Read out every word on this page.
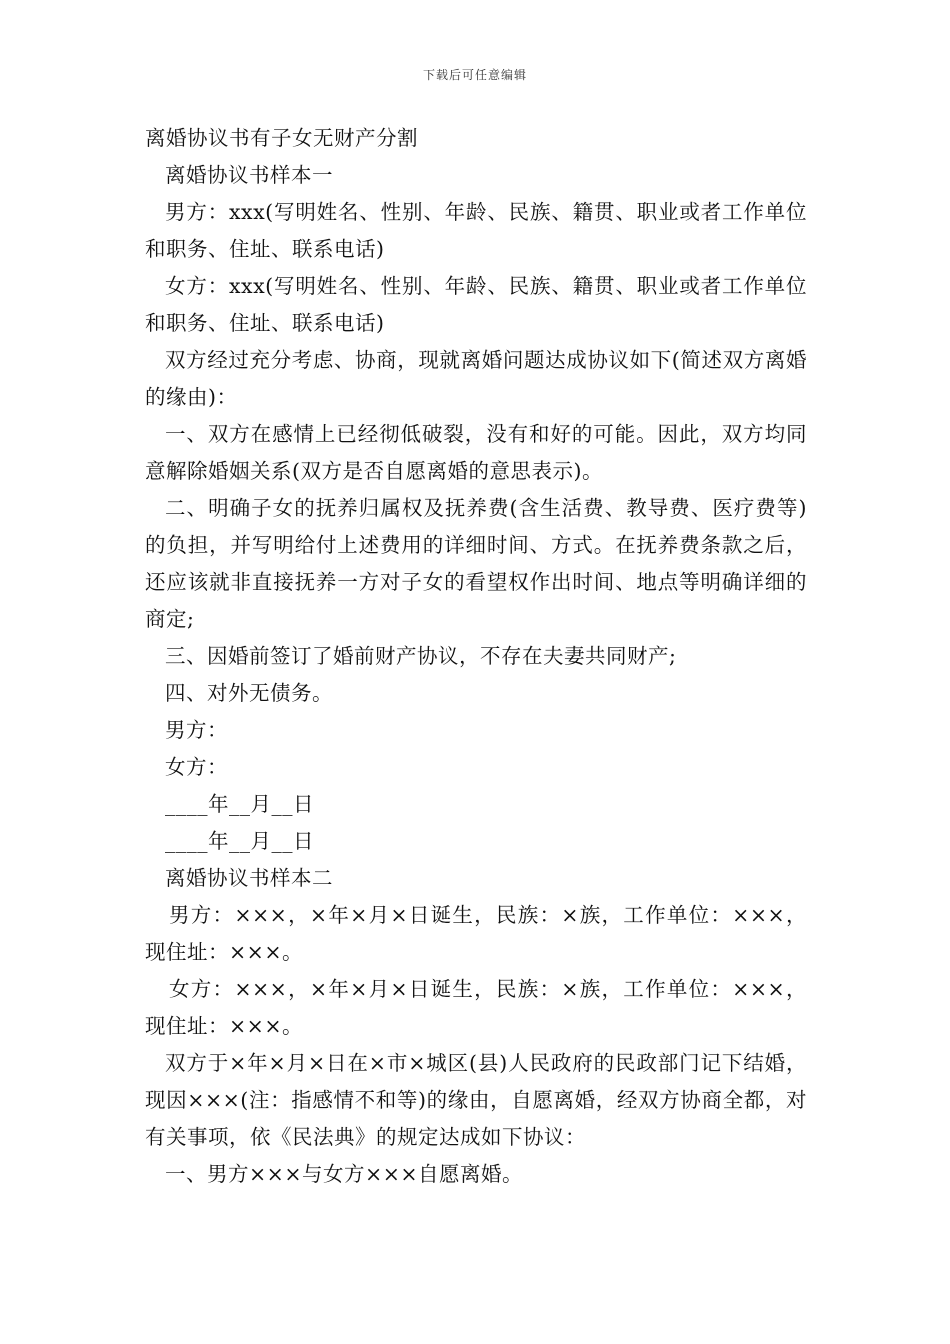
下载后可任意编辑

离婚协议书有子女无财产分割

离婚协议书样本一

男方：xxx(写明姓名、性别、年龄、民族、籍贯、职业或者工作单位和职务、住址、联系电话)

女方：xxx(写明姓名、性别、年龄、民族、籍贯、职业或者工作单位和职务、住址、联系电话)

双方经过充分考虑、协商，现就离婚问题达成协议如下(简述双方离婚的缘由)：

一、双方在感情上已经彻低破裂，没有和好的可能。因此，双方均同意解除婚姻关系(双方是否自愿离婚的意思表示)。

二、明确子女的抚养归属权及抚养费(含生活费、教导费、医疗费等)的负担，并写明给付上述费用的详细时间、方式。在抚养费条款之后，还应该就非直接抚养一方对子女的看望权作出时间、地点等明确详细的商定;

三、因婚前签订了婚前财产协议，不存在夫妻共同财产;

四、对外无债务。

男方：

女方：

____年__月__日

____年__月__日

离婚协议书样本二

男方：×××，×年×月×日诞生，民族：×族，工作单位：×××，现住址：×××。

女方：×××，×年×月×日诞生，民族：×族，工作单位：×××，现住址：×××。

双方于×年×月×日在×市×城区(县)人民政府的民政部门记下结婚，现因×××(注：指感情不和等)的缘由，自愿离婚，经双方协商全都，对有关事项，依《民法典》的规定达成如下协议：

一、男方×××与女方×××自愿离婚。
